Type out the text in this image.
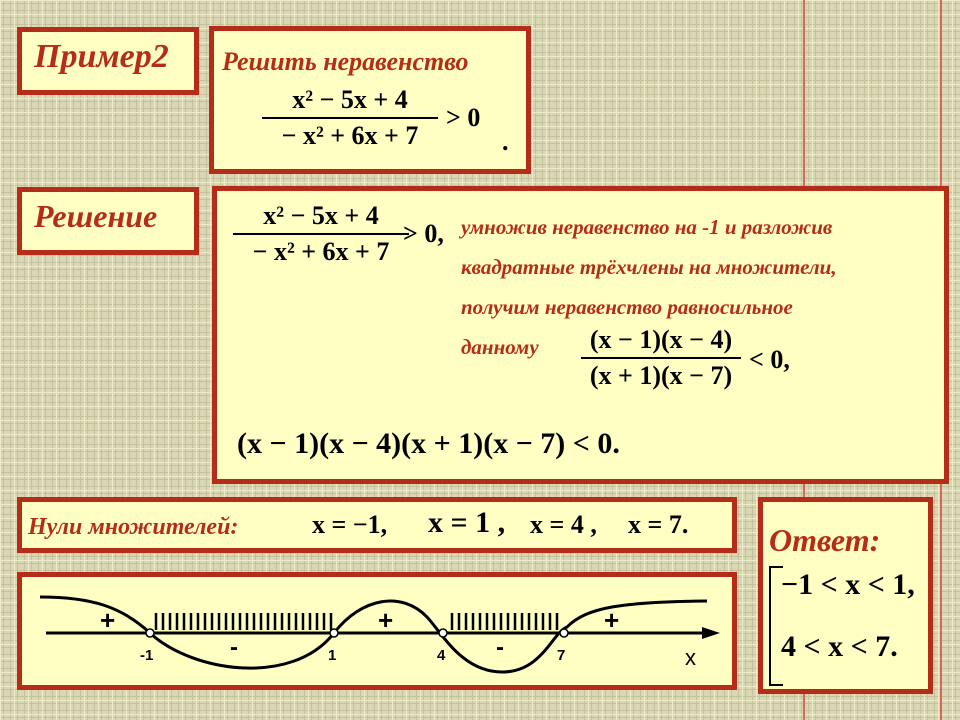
Пример2 Решить неравенство
x² − 5x + 4
− x² + 6x + 7
> 0
.
Решение	x² − 5x + 4
− x² + 6x + 7
> 0, умножив неравенство на -1 и разложив
квадратные трёхчлены на множители,
получим неравенство равносильное
данному	(x − 1)(x − 4)
(x + 1)(x − 7)
< 0,
(x − 1)(x − 4)(x + 1)(x − 7) < 0.
Нули множителей:	x = −1, x = 1 , x = 4 , x = 7.
-1	1	4	7
+
-
+
-
+
x
Ответ:
−1 < x < 1,
4 < x < 7.
